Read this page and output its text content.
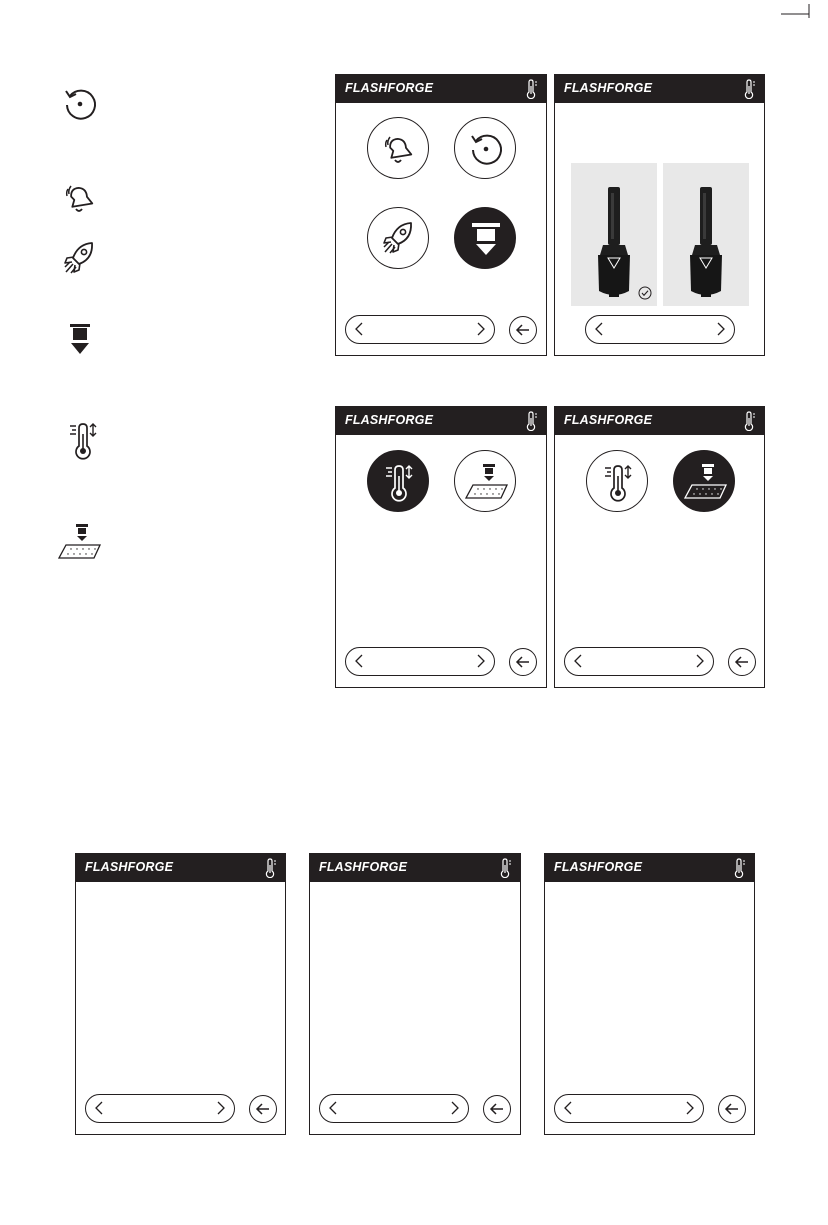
FLASHFORGE	FLASHFORGE
0.4-265
FLASHFORGE	FLASHFORGE
FLASHFORGE	FLASHFORGE	FLASHFORGE
